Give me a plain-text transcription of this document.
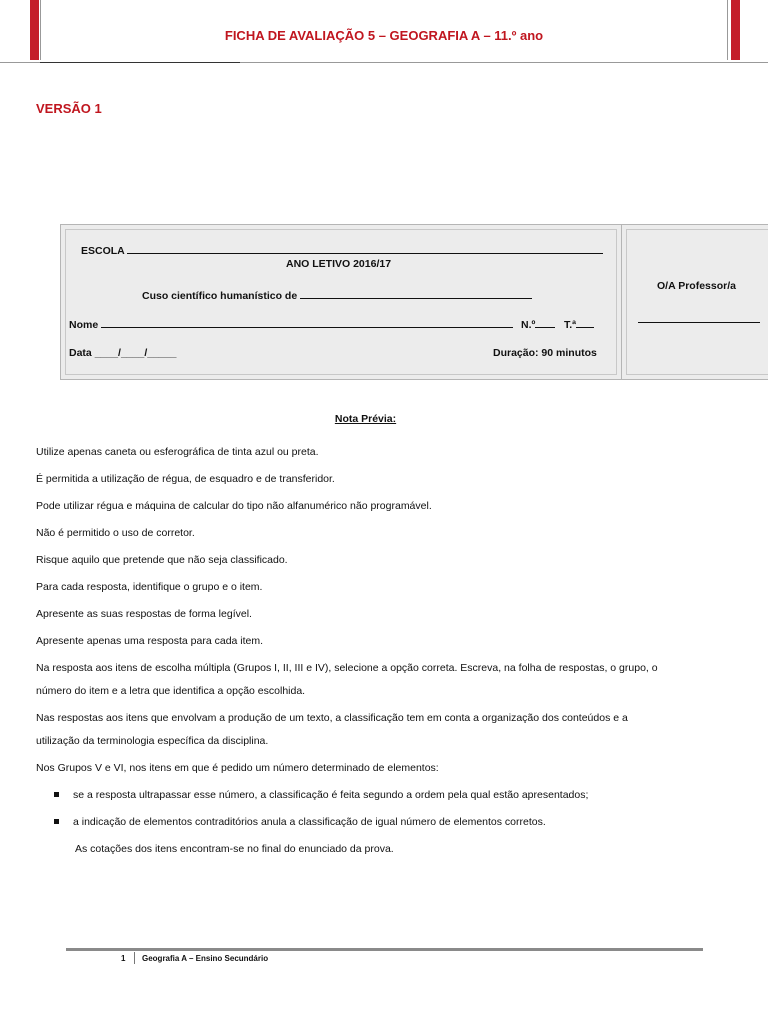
FICHA DE AVALIAÇÃO 5 – GEOGRAFIA A – 11.º ano
VERSÃO 1
ESCOLA
ANO LETIVO 2016/17
Cuso científico humanístico de
Nome	N.º	T.ª
Data ____/____/_____	Duração: 90 minutos
O/A Professor/a
Nota Prévia:
Utilize apenas caneta ou esferográfica de tinta azul ou preta.
É permitida a utilização de régua, de esquadro e de transferidor.
Pode utilizar régua e máquina de calcular do tipo não alfanumérico não programável.
Não é permitido o uso de corretor.
Risque aquilo que pretende que não seja classificado.
Para cada resposta, identifique o grupo e o item.
Apresente as suas respostas de forma legível.
Apresente apenas uma resposta para cada item.
Na resposta aos itens de escolha múltipla (Grupos I, II, III e IV), selecione a opção correta. Escreva, na folha de respostas, o grupo, o
número do item e a letra que identifica a opção escolhida.
Nas respostas aos itens que envolvam a produção de um texto, a classificação tem em conta a organização dos conteúdos e a
utilização da terminologia específica da disciplina.
Nos Grupos V e VI, nos itens em que é pedido um número determinado de elementos:
se a resposta ultrapassar esse número, a classificação é feita segundo a ordem pela qual estão apresentados;
a indicação de elementos contraditórios anula a classificação de igual número de elementos corretos.
As cotações dos itens encontram-se no final do enunciado da prova.
1 Geografia A – Ensino Secundário
